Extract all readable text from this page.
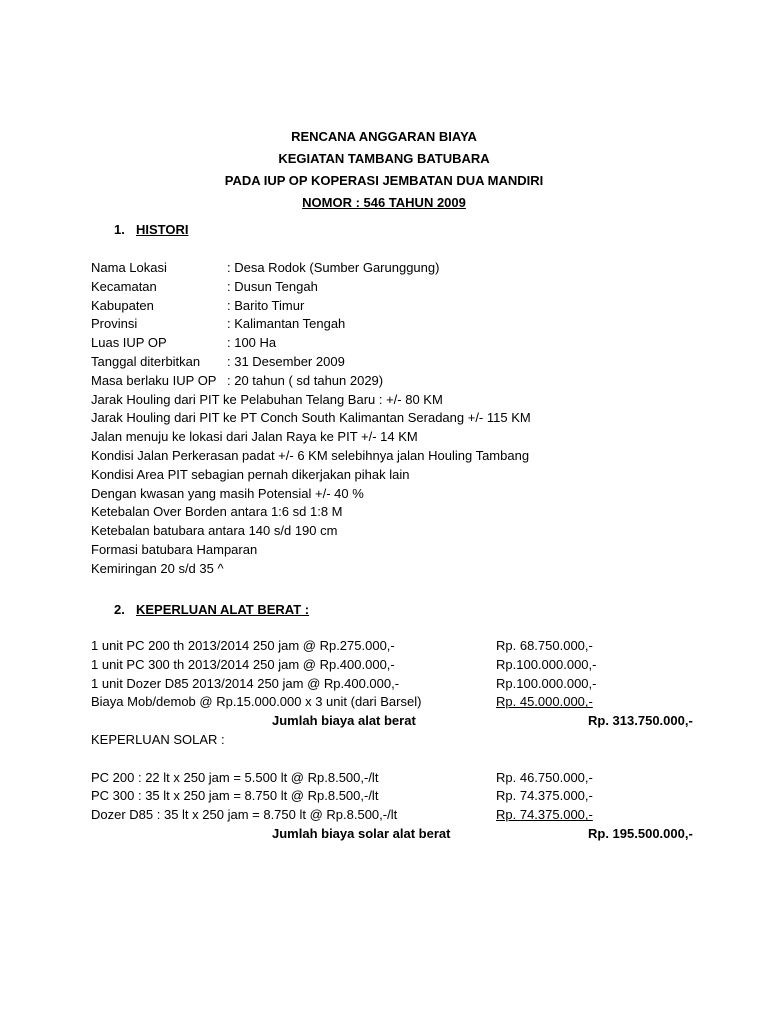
RENCANA ANGGARAN BIAYA
KEGIATAN TAMBANG BATUBARA
PADA IUP OP KOPERASI JEMBATAN DUA MANDIRI
NOMOR : 546 TAHUN 2009
1. HISTORI
Nama Lokasi	: Desa Rodok (Sumber Garunggung)
Kecamatan	: Dusun Tengah
Kabupaten	: Barito Timur
Provinsi	: Kalimantan Tengah
Luas IUP OP	: 100 Ha
Tanggal diterbitkan : 31 Desember 2009
Masa berlaku IUP OP : 20 tahun ( sd tahun 2029)
Jarak Houling dari PIT ke Pelabuhan Telang Baru : +/- 80 KM
Jarak Houling dari PIT ke PT Conch South Kalimantan Seradang +/- 115 KM
Jalan menuju ke lokasi dari Jalan Raya ke PIT +/- 14 KM
Kondisi Jalan Perkerasan padat +/- 6 KM selebihnya jalan Houling Tambang
Kondisi Area PIT sebagian pernah dikerjakan pihak lain
Dengan kwasan yang masih Potensial +/- 40 %
Ketebalan Over Borden antara 1:6 sd 1:8 M
Ketebalan batubara antara 140 s/d 190 cm
Formasi batubara Hamparan
Kemiringan 20 s/d 35 ^
2. KEPERLUAN ALAT BERAT :
1 unit PC 200 th 2013/2014 250 jam @ Rp.275.000,-	Rp. 68.750.000,-
1 unit PC 300 th 2013/2014 250 jam @ Rp.400.000,-	Rp.100.000.000,-
1 unit Dozer D85 2013/2014 250 jam @ Rp.400.000,-	Rp.100.000.000,-
Biaya Mob/demob @ Rp.15.000.000 x 3 unit (dari Barsel)	Rp. 45.000.000,-
Jumlah biaya alat berat	Rp. 313.750.000,-
KEPERLUAN SOLAR :
PC 200 : 22 lt x 250 jam = 5.500 lt @ Rp.8.500,-/lt	Rp. 46.750.000,-
PC 300 : 35 lt x 250 jam = 8.750 lt @ Rp.8.500,-/lt	Rp. 74.375.000,-
Dozer D85 : 35 lt x 250 jam = 8.750 lt @ Rp.8.500,-/lt	Rp. 74.375.000,-
Jumlah biaya solar alat berat	Rp. 195.500.000,-
